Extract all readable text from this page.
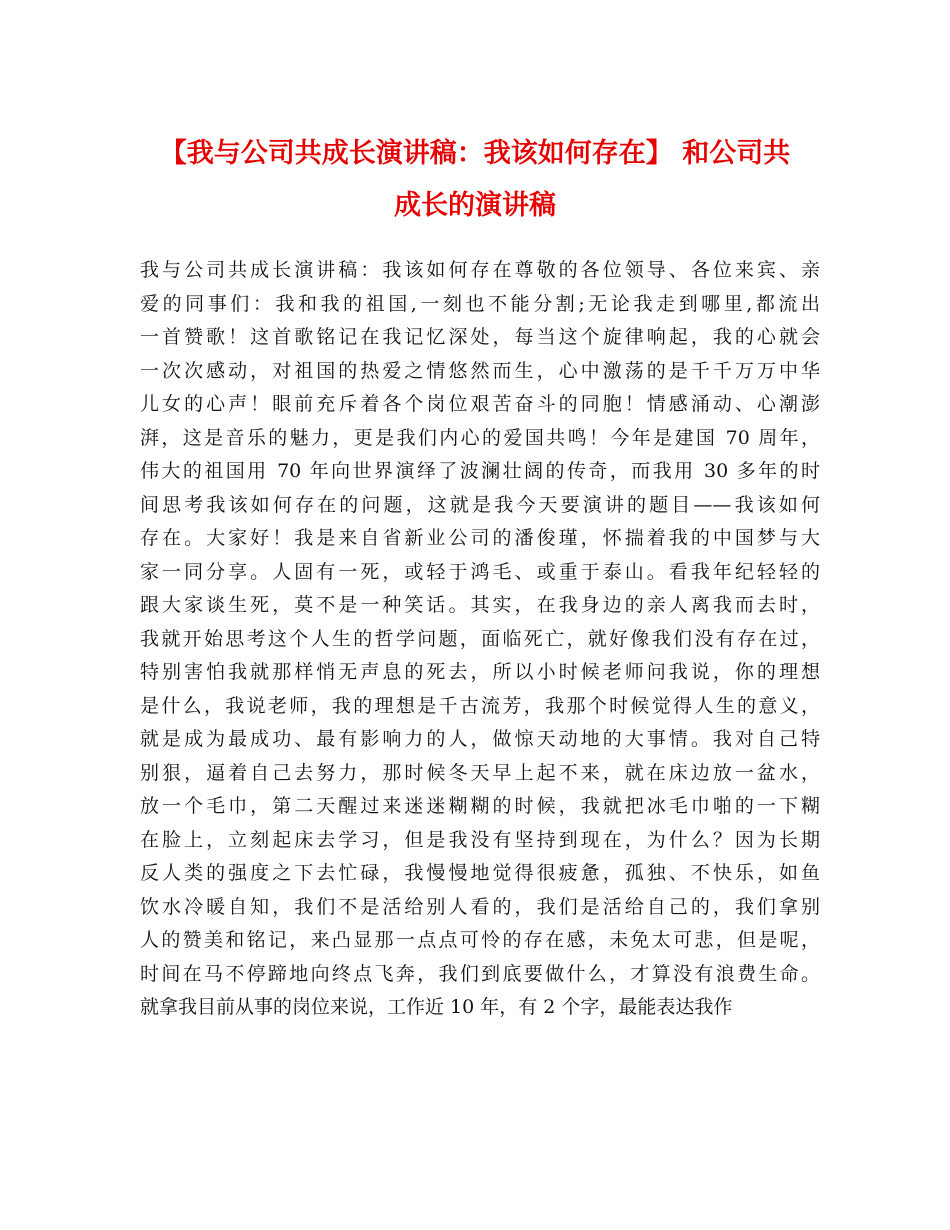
【我与公司共成长演讲稿：我该如何存在】 和公司共
成长的演讲稿
我与公司共成长演讲稿：我该如何存在尊敬的各位领导、各位来宾、亲
爱的同事们：我和我的祖国,一刻也不能分割;无论我走到哪里,都流出
一首赞歌！这首歌铭记在我记忆深处，每当这个旋律响起，我的心就会
一次次感动，对祖国的热爱之情悠然而生，心中激荡的是千千万万中华
儿女的心声！眼前充斥着各个岗位艰苦奋斗的同胞！情感涌动、心潮澎
湃，这是音乐的魅力，更是我们内心的爱国共鸣！今年是建国 70 周年，
伟大的祖国用 70 年向世界演绎了波澜壮阔的传奇，而我用 30 多年的时
间思考我该如何存在的问题，这就是我今天要演讲的题目——我该如何
存在。大家好！我是来自省新业公司的潘俊瑾，怀揣着我的中国梦与大
家一同分享。人固有一死，或轻于鸿毛、或重于泰山。看我年纪轻轻的
跟大家谈生死，莫不是一种笑话。其实，在我身边的亲人离我而去时，
我就开始思考这个人生的哲学问题，面临死亡，就好像我们没有存在过，
特别害怕我就那样悄无声息的死去，所以小时候老师问我说，你的理想
是什么，我说老师，我的理想是千古流芳，我那个时候觉得人生的意义，
就是成为最成功、最有影响力的人，做惊天动地的大事情。我对自己特
别狠，逼着自己去努力，那时候冬天早上起不来，就在床边放一盆水，
放一个毛巾，第二天醒过来迷迷糊糊的时候，我就把冰毛巾啪的一下糊
在脸上，立刻起床去学习，但是我没有坚持到现在，为什么？因为长期
反人类的强度之下去忙碌，我慢慢地觉得很疲惫，孤独、不快乐，如鱼
饮水冷暖自知，我们不是活给别人看的，我们是活给自己的，我们拿别
人的赞美和铭记，来凸显那一点点可怜的存在感，未免太可悲，但是呢，
时间在马不停蹄地向终点飞奔，我们到底要做什么，才算没有浪费生命。
就拿我目前从事的岗位来说，工作近 10 年，有 2 个字，最能表达我作
